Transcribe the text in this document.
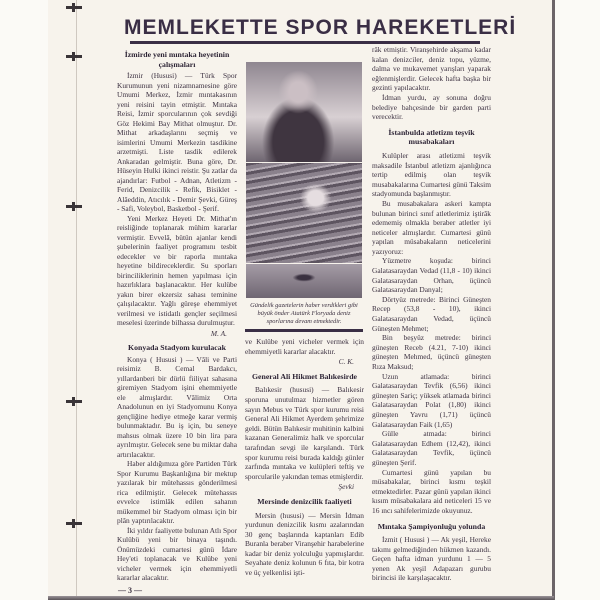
MEMLEKETTE SPOR HAREKETLERİ
İzmirde yeni mıntaka heyetinin çalışmaları

İzmir (Hususi) — Türk Spor Kurumunun yeni nizamnamesine göre Umumi Merkez, İzmir mıntakasının yeni reisini tayin etmiştir. Mıntaka Reisi, İzmir sporcularının çok sevdiği Göz Hekimi Bay Mithat olmuştur. Dr. Mithat arkadaşlarını seçmiş ve isimlerini Umumi Merkezin tasdikine arzetmişti. Liste tasdik edilerek Ankaradan gelmiştir. Buna göre, Dr. Hüseyin Hulki ikinci reistir. Şu zatlar da ajandırlar: Futbol - Adnan, Atletizm - Ferid, Denizcilik - Refik, Bisiklet - Alâeddin, Atıcılık - Demir Şevki, Güreş - Safi, Voleybol, Basketbol - Şerif.

Yeni Merkez Heyeti Dr. Mithat'ın reisliğinde toplanarak mühim kararlar vermiştir. Evvelâ, bütün ajanlar kendi şubelerinin faaliyet programını tesbit edecekler ve bir raporla mıntaka heyetine bildireceklerdir. Su sporları birinciliklerinin hemen yapılması için hazırlıklara başlanacaktır. Her kulübe yakın birer ekzersiz sahası temininе çalışılacaktır. Yağlı güreşe ehemmiyet verilmesi ve istidatlı gençler seçilmesi meselesi üzerinde bilhassa durulmuştur.

M. A.
Konyada Stadyom kurulacak

Konya ( Hususi ) — Vâli ve Parti reisimiz B. Cemal Bardakcı, yıllardanberi bir dürlü fiiliyat sahasına giremiyen Stadyom işini ehemmiyetle ele almışlardır. Vâlimiz Orta Anadolunun en iyi Stadyomunu Konya gençliğine hediye etmeğe karar vermiş bulunmaktadır. Bu iş için, bu seneye mahsus olmak üzere 10 bin lira para ayrılmıştır. Gelecek sene bu miktar daha artırılacaktır.

Haber aldığımıza göre Partiden Türk Spor Kurumu Başkanlığına bir mektup yazılarak bir mütehassıs gönderilmesi rica edilmiştir. Gelecek mütehassıs evvelce istimlâk edilen sahanın mükemmel bir Stadyom olması için bir plân yaptırılacaktır.

İki yıldır faaliyette bulunan Atlı Spor Kulübü yeni bir binaya taşındı. Önümüzdeki cumartesi günü İdare Hey'eti toplanacak ve Kulübe yeni vicheler vermek için ehemmiyetli kararlar alacaktır.

Gündelik gazetelerin haber verdikleri gibi büyük önder Atatürk Floryada deniz sporlarına devam etmektedir.

ve Kulübe yeni vicheler vermek için ehemmiyetli kararlar alacaktır.

C. K.
General Ali Hikmet Balıkesirde

Balıkesir (hususi) — Balıkesir sporuna unutulmaz hizmetler gören sayın Mebus ve Türk spor kurumu reisi General Ali Hikmet Ayerdem şehrimize geldi. Bütün Balıkesir muhitinin kalbini kazanan Generalimiz halk ve sporcular tarafından sevgi ile karşılandı. Türk spor kurumu reisi burada kaldığı günler zarfında mıntaka ve kulüpleri teftiş ve sporcularile yakından temas etmişlerdir.

Şevki
Mersinde denizcilik faaliyeti

Mersin (hususi) — Mersin İdman yurdunun denizcilik kısmı azalarından 30 genç başlarında kaptanları Edib Buranla beraber Viranşehir harabelerine kadar bir deniz yolculuğu yapmışlardır. Seyahate deniz kolunun 6 fıta, bir kotra ve üç yelkenlisi işti-

râk etmiştir. Viranşehirde akşama kadar kalan denizciler, deniz topu, yüzme, dalma ve mukavemet yarışları yaparak eğlenmişlerdir. Gelecek hafta başka bir gezinti yapılacaktır.

İdman yurdu, ay sonuna doğru belediye bahçesinde bir garden parti verecektir.

İstanbulda atletizm teşvik musabakaları

Kulüpler arası atletizmi teşvik maksadile İstanbul atletizm ajanlığınca tertip edilmiş olan teşvik musabakalarına Cumartesi günü Taksim stadyomunda başlanmıştır.

Bu musabakalara askeri kampta bulunan birinci sınıf atletlerimiz iştirâk edememiş olmakla beraber atletler iyi neticeler almışlardır. Cumartesi günü yapılan müsabakaların neticelerini yazıyoruz:

Yüzmetre koşuda: birinci Galatasaraydan Vedad (11,8 - 10) ikinci Galatasaraydan Orhan, üçüncü Galatasaraydan Danyal;

Dörtyüz metrede: Birinci Güneşten Recep (53,8 - 10), ikinci Galatasaraydan Vedad, üçüncü Güneşten Mehmet;

Bin beşyüz metrede: birinci güneşten Receb (4.21, 7-10) ikinci güneşten Mehmed, üçüncü güneşten Rıza Maksud;

Uzun atlamada: birinci Galatasaraydan Tevfik (6,56) ikinci güneşten Sariç; yüksek atlamada birinci Galatasaraydan Polat (1,80) ikinci güneşten Yavru (1,71) üçüncü Galatasaraydan Faik (1,65)

Gülle atmada: birinci Galatasaraydan Edhem (12,42), ikinci Galatasaraydan Tevfik, üçüncü güneşten Şerif.

Cumartesi günü yapılan bu müsabakalar, birinci kısmı teşkil etmektedirler. Pazar günü yapılan ikinci kısım müsabakalara aid neticeleri 15 ve 16 ıncı sahifelerimizde okuyunuz.

Mıntaka Şampiyonluğu yolunda

İzmit ( Hususi ) — Ak yeşil, Hereke takımı gelmediğinden hükmen kazandı. Geçen hafta idman yurdunu 1 — 5 yenen Ak yeşil Adapazarı gurubu birincisi ile karşılaşacaktır.

— 3 —
